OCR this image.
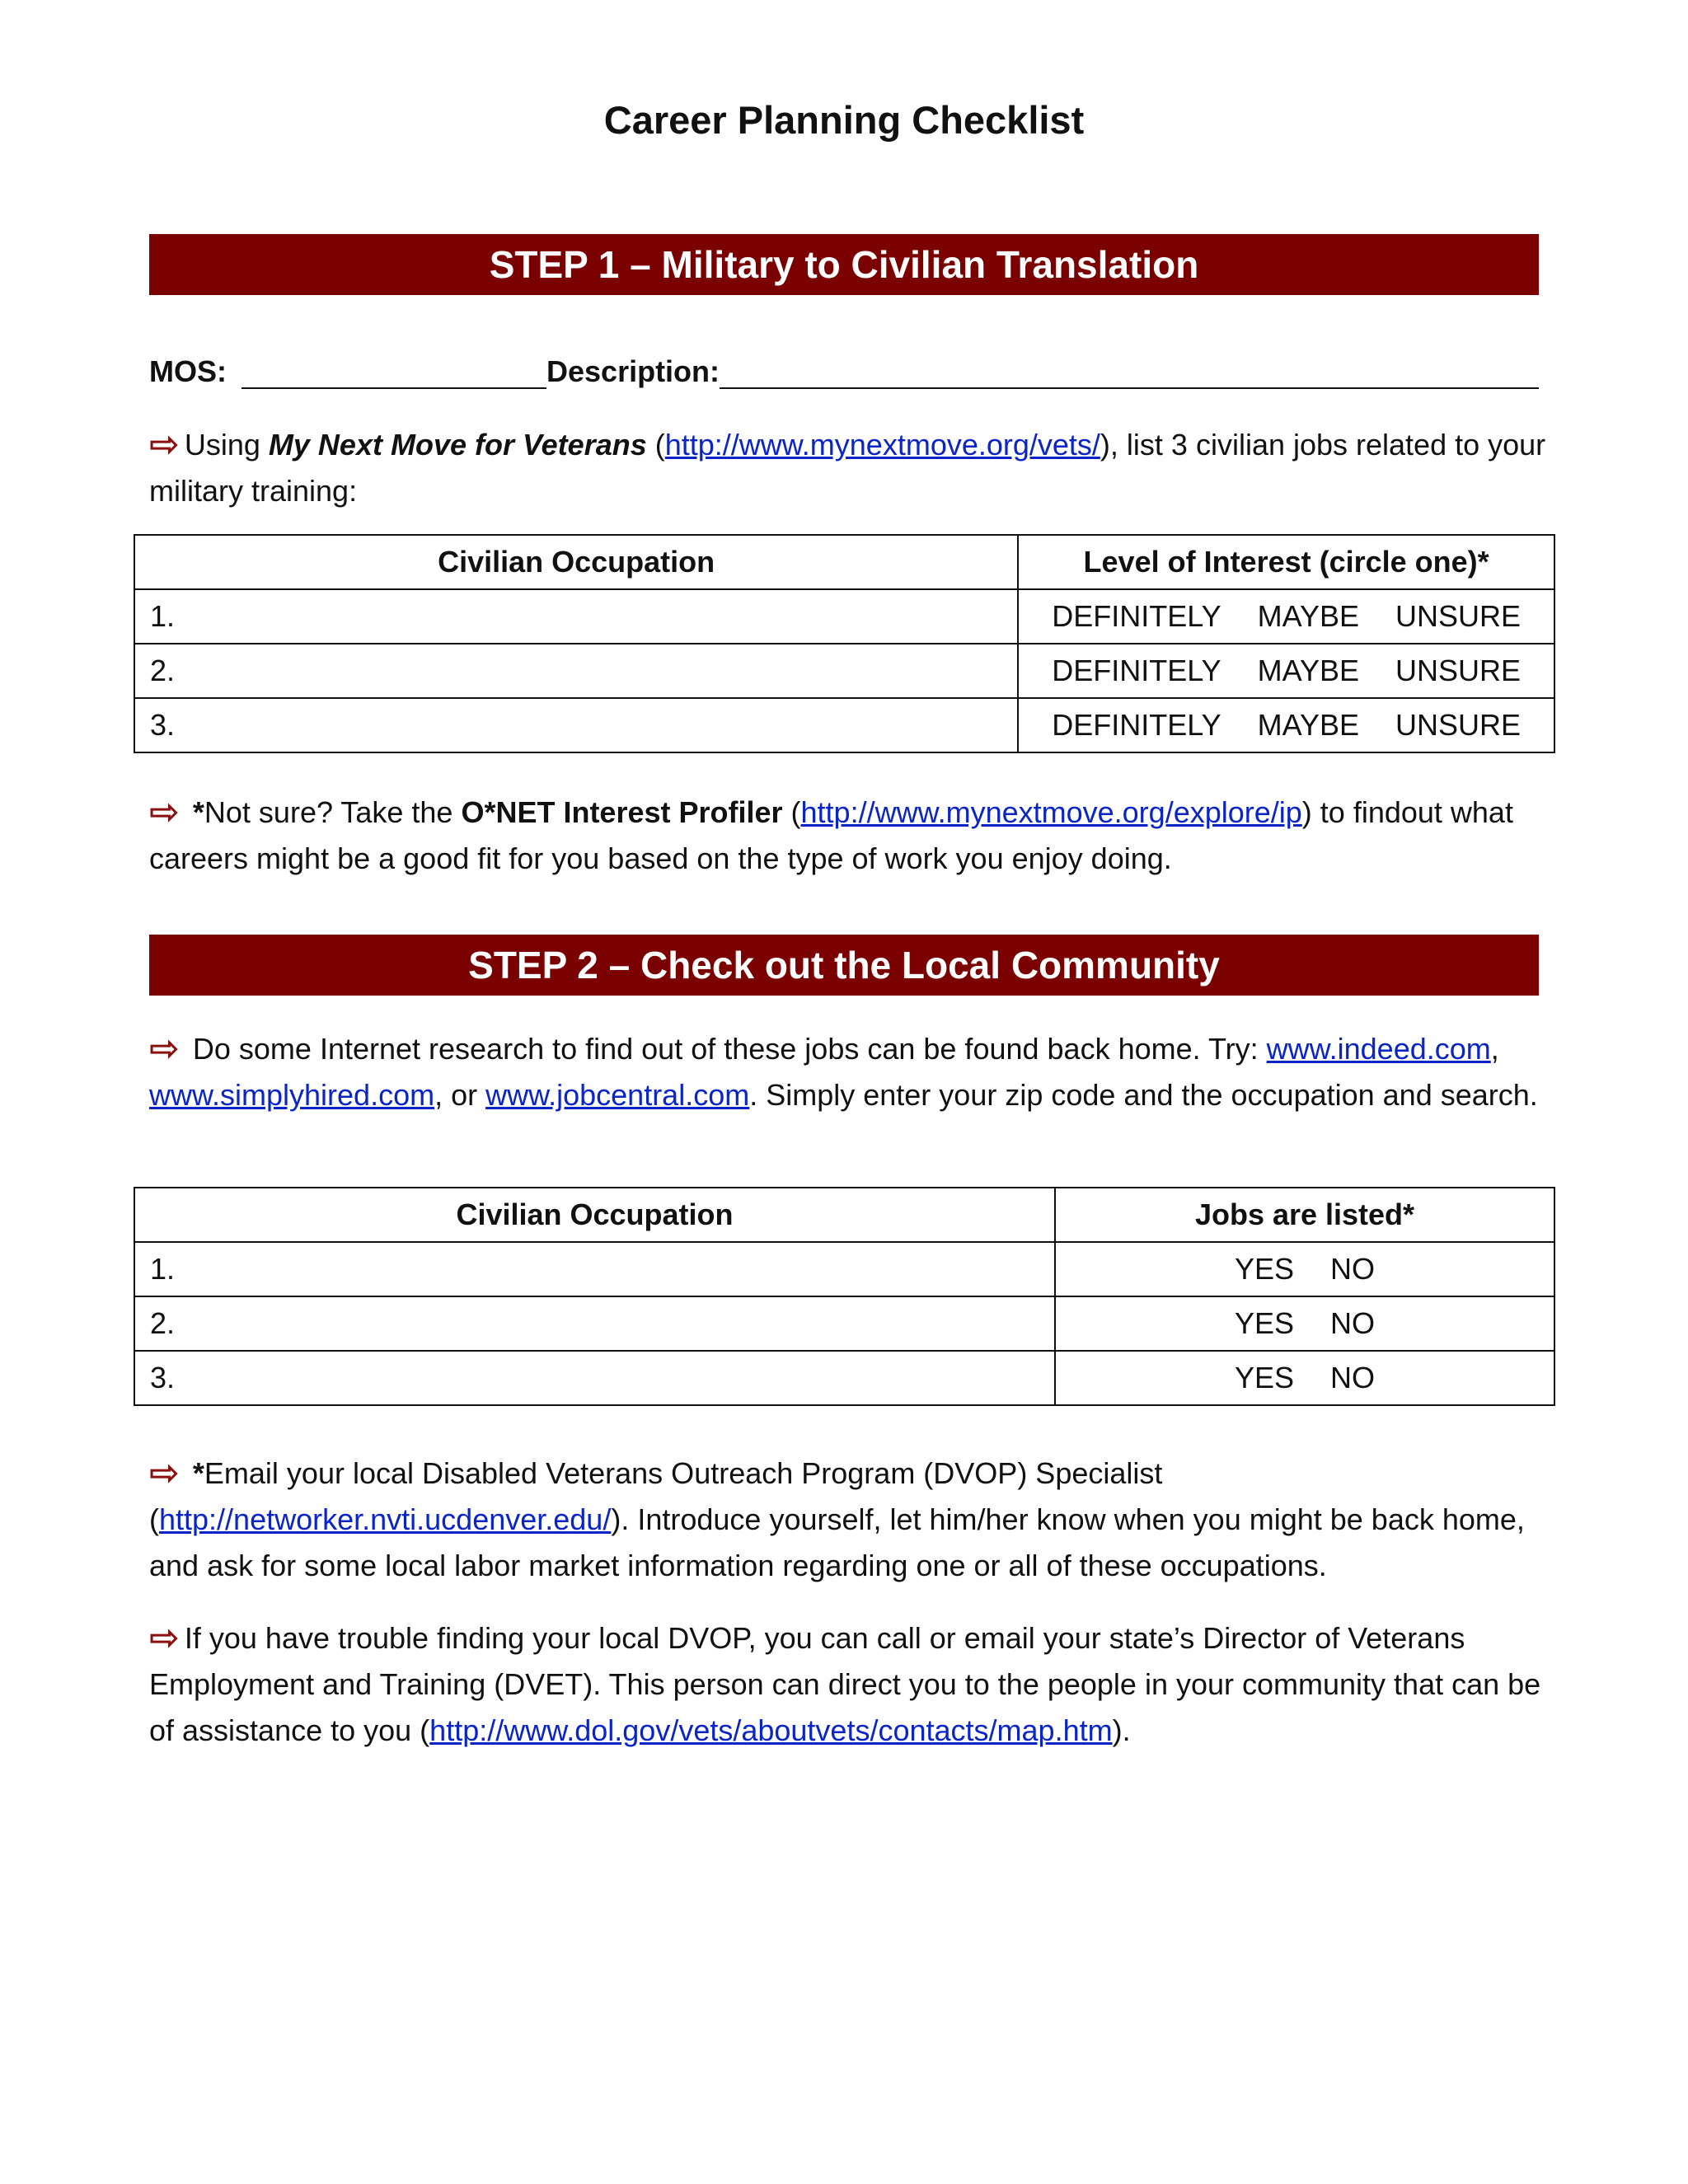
Career Planning Checklist
STEP 1 – Military to Civilian Translation
MOS:	Description:
⇨ Using My Next Move for Veterans (http://www.mynextmove.org/vets/), list 3 civilian jobs related to your military training:
Civilian Occupation	Level of Interest (circle one)*
1.	DEFINITELY MAYBE UNSURE
2.	DEFINITELY MAYBE UNSURE
3.	DEFINITELY MAYBE UNSURE
⇨ *Not sure? Take the O*NET Interest Profiler (http://www.mynextmove.org/explore/ip) to findout what careers might be a good fit for you based on the type of work you enjoy doing.
STEP 2 – Check out the Local Community
⇨ Do some Internet research to find out of these jobs can be found back home. Try: www.indeed.com, www.simplyhired.com, or www.jobcentral.com. Simply enter your zip code and the occupation and search.
Civilian Occupation	Jobs are listed*
1.	YES NO
2.	YES NO
3.	YES NO
⇨ *Email your local Disabled Veterans Outreach Program (DVOP) Specialist (http://networker.nvti.ucdenver.edu/). Introduce yourself, let him/her know when you might be back home, and ask for some local labor market information regarding one or all of these occupations.
⇨ If you have trouble finding your local DVOP, you can call or email your state’s Director of Veterans Employment and Training (DVET). This person can direct you to the people in your community that can be of assistance to you (http://www.dol.gov/vets/aboutvets/contacts/map.htm).
